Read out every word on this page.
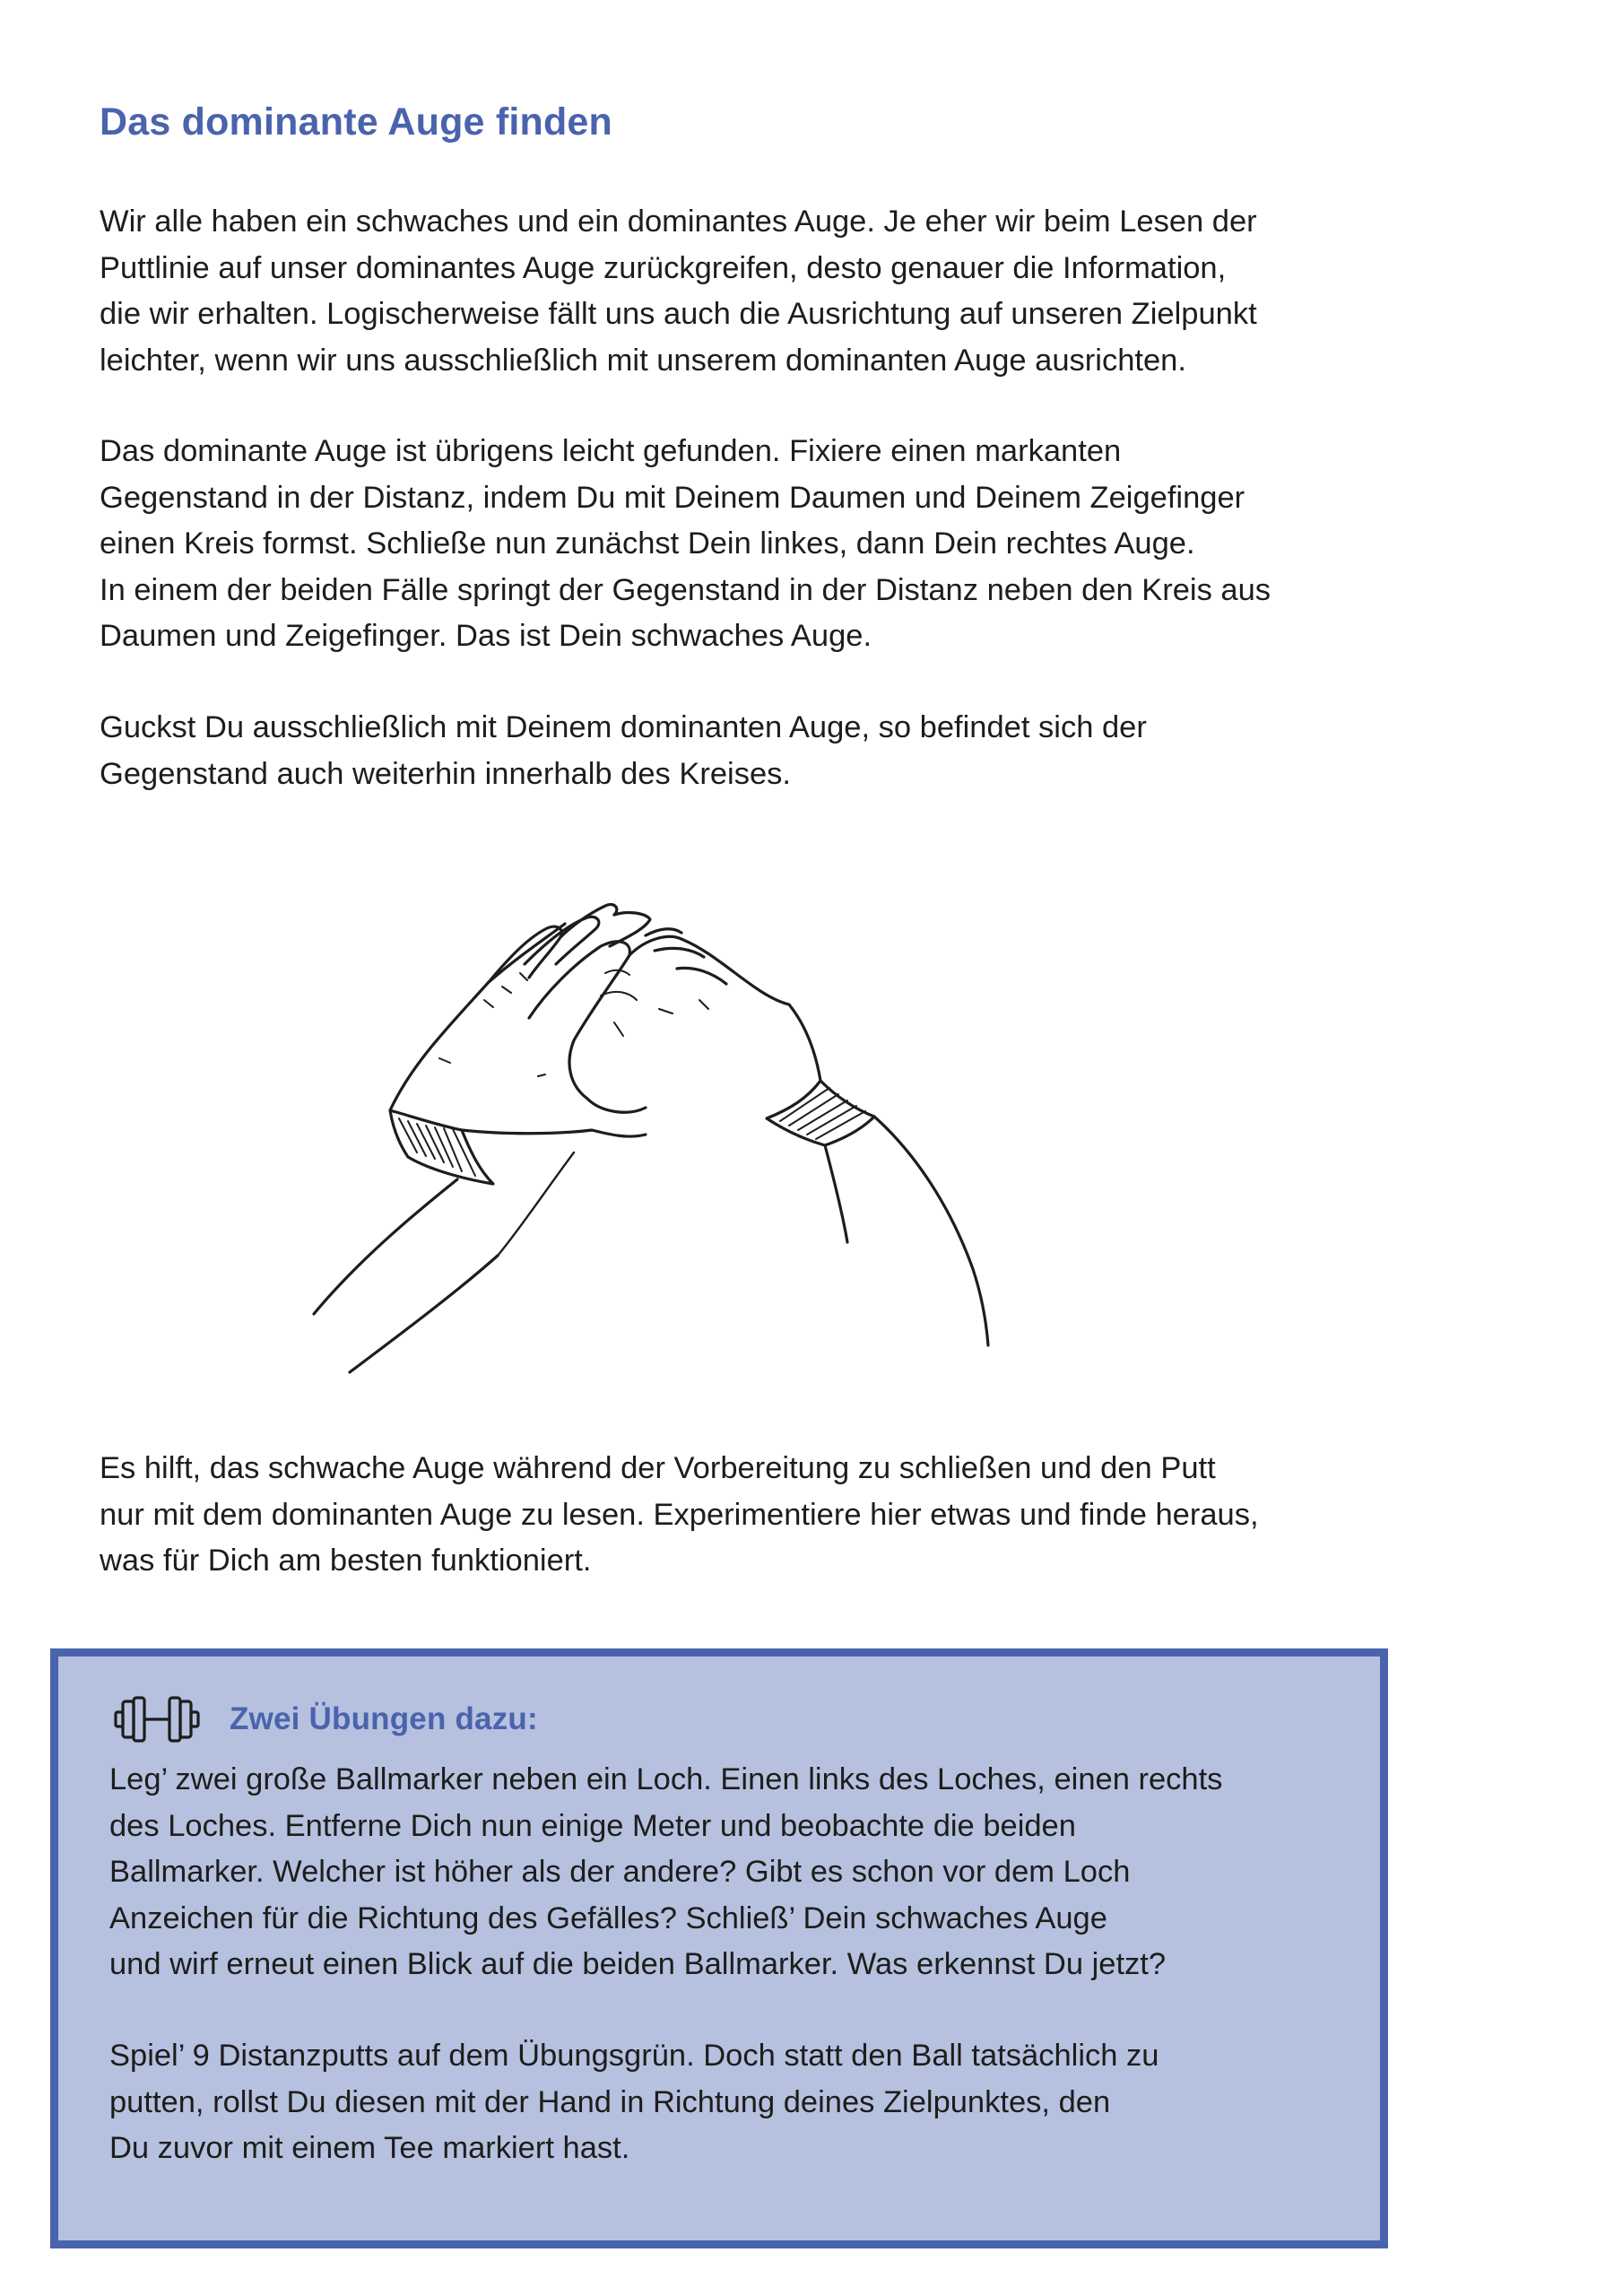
Das dominante Auge finden

Wir alle haben ein schwaches und ein dominantes Auge. Je eher wir beim Lesen der
Puttlinie auf unser dominantes Auge zurückgreifen, desto genauer die Information,
die wir erhalten. Logischerweise fällt uns auch die Ausrichtung auf unseren Zielpunkt
leichter, wenn wir uns ausschließlich mit unserem dominanten Auge ausrichten.

Das dominante Auge ist übrigens leicht gefunden. Fixiere einen markanten
Gegenstand in der Distanz, indem Du mit Deinem Daumen und Deinem Zeigefinger
einen Kreis formst. Schließe nun zunächst Dein linkes, dann Dein rechtes Auge.
In einem der beiden Fälle springt der Gegenstand in der Distanz neben den Kreis aus
Daumen und Zeigefinger. Das ist Dein schwaches Auge.

Guckst Du ausschließlich mit Deinem dominanten Auge, so befindet sich der
Gegenstand auch weiterhin innerhalb des Kreises.

Es hilft, das schwache Auge während der Vorbereitung zu schließen und den Putt
nur mit dem dominanten Auge zu lesen. Experimentiere hier etwas und finde heraus,
was für Dich am besten funktioniert.

Zwei Übungen dazu:

Leg’ zwei große Ballmarker neben ein Loch. Einen links des Loches, einen rechts
des Loches. Entferne Dich nun einige Meter und beobachte die beiden
Ballmarker. Welcher ist höher als der andere? Gibt es schon vor dem Loch
Anzeichen für die Richtung des Gefälles? Schließ’ Dein schwaches Auge
und wirf erneut einen Blick auf die beiden Ballmarker. Was erkennst Du jetzt?

Spiel’ 9 Distanzputts auf dem Übungsgrün. Doch statt den Ball tatsächlich zu
putten, rollst Du diesen mit der Hand in Richtung deines Zielpunktes, den
Du zuvor mit einem Tee markiert hast.
